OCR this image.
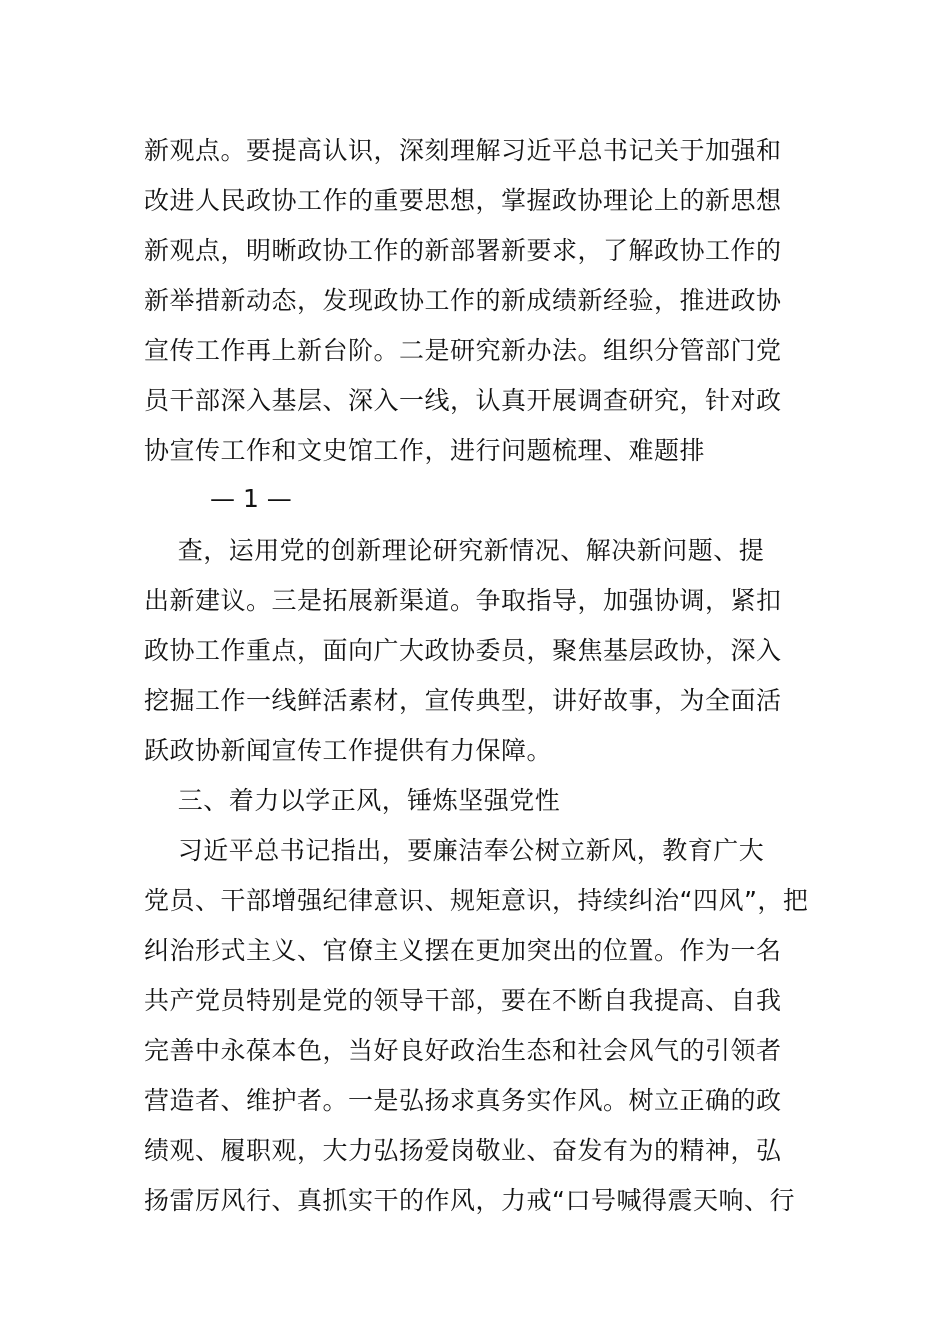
新观点。要提高认识，深刻理解习近平总书记关于加强和
改进人民政协工作的重要思想，掌握政协理论上的新思想
新观点，明晰政协工作的新部署新要求，了解政协工作的
新举措新动态，发现政协工作的新成绩新经验，推进政协
宣传工作再上新台阶。二是研究新办法。组织分管部门党
员干部深入基层、深入一线，认真开展调查研究，针对政
协宣传工作和文史馆工作，进行问题梳理、难题排
— 1 —
查，运用党的创新理论研究新情况、解决新问题、提
出新建议。三是拓展新渠道。争取指导，加强协调，紧扣
政协工作重点，面向广大政协委员，聚焦基层政协，深入
挖掘工作一线鲜活素材，宣传典型，讲好故事，为全面活
跃政协新闻宣传工作提供有力保障。
三、着力以学正风，锤炼坚强党性
习近平总书记指出，要廉洁奉公树立新风，教育广大
党员、干部增强纪律意识、规矩意识，持续纠治“四风”，把
纠治形式主义、官僚主义摆在更加突出的位置。作为一名
共产党员特别是党的领导干部，要在不断自我提高、自我
完善中永葆本色，当好良好政治生态和社会风气的引领者
营造者、维护者。一是弘扬求真务实作风。树立正确的政
绩观、履职观，大力弘扬爱岗敬业、奋发有为的精神，弘
扬雷厉风行、真抓实干的作风，力戒“口号喊得震天响、行
